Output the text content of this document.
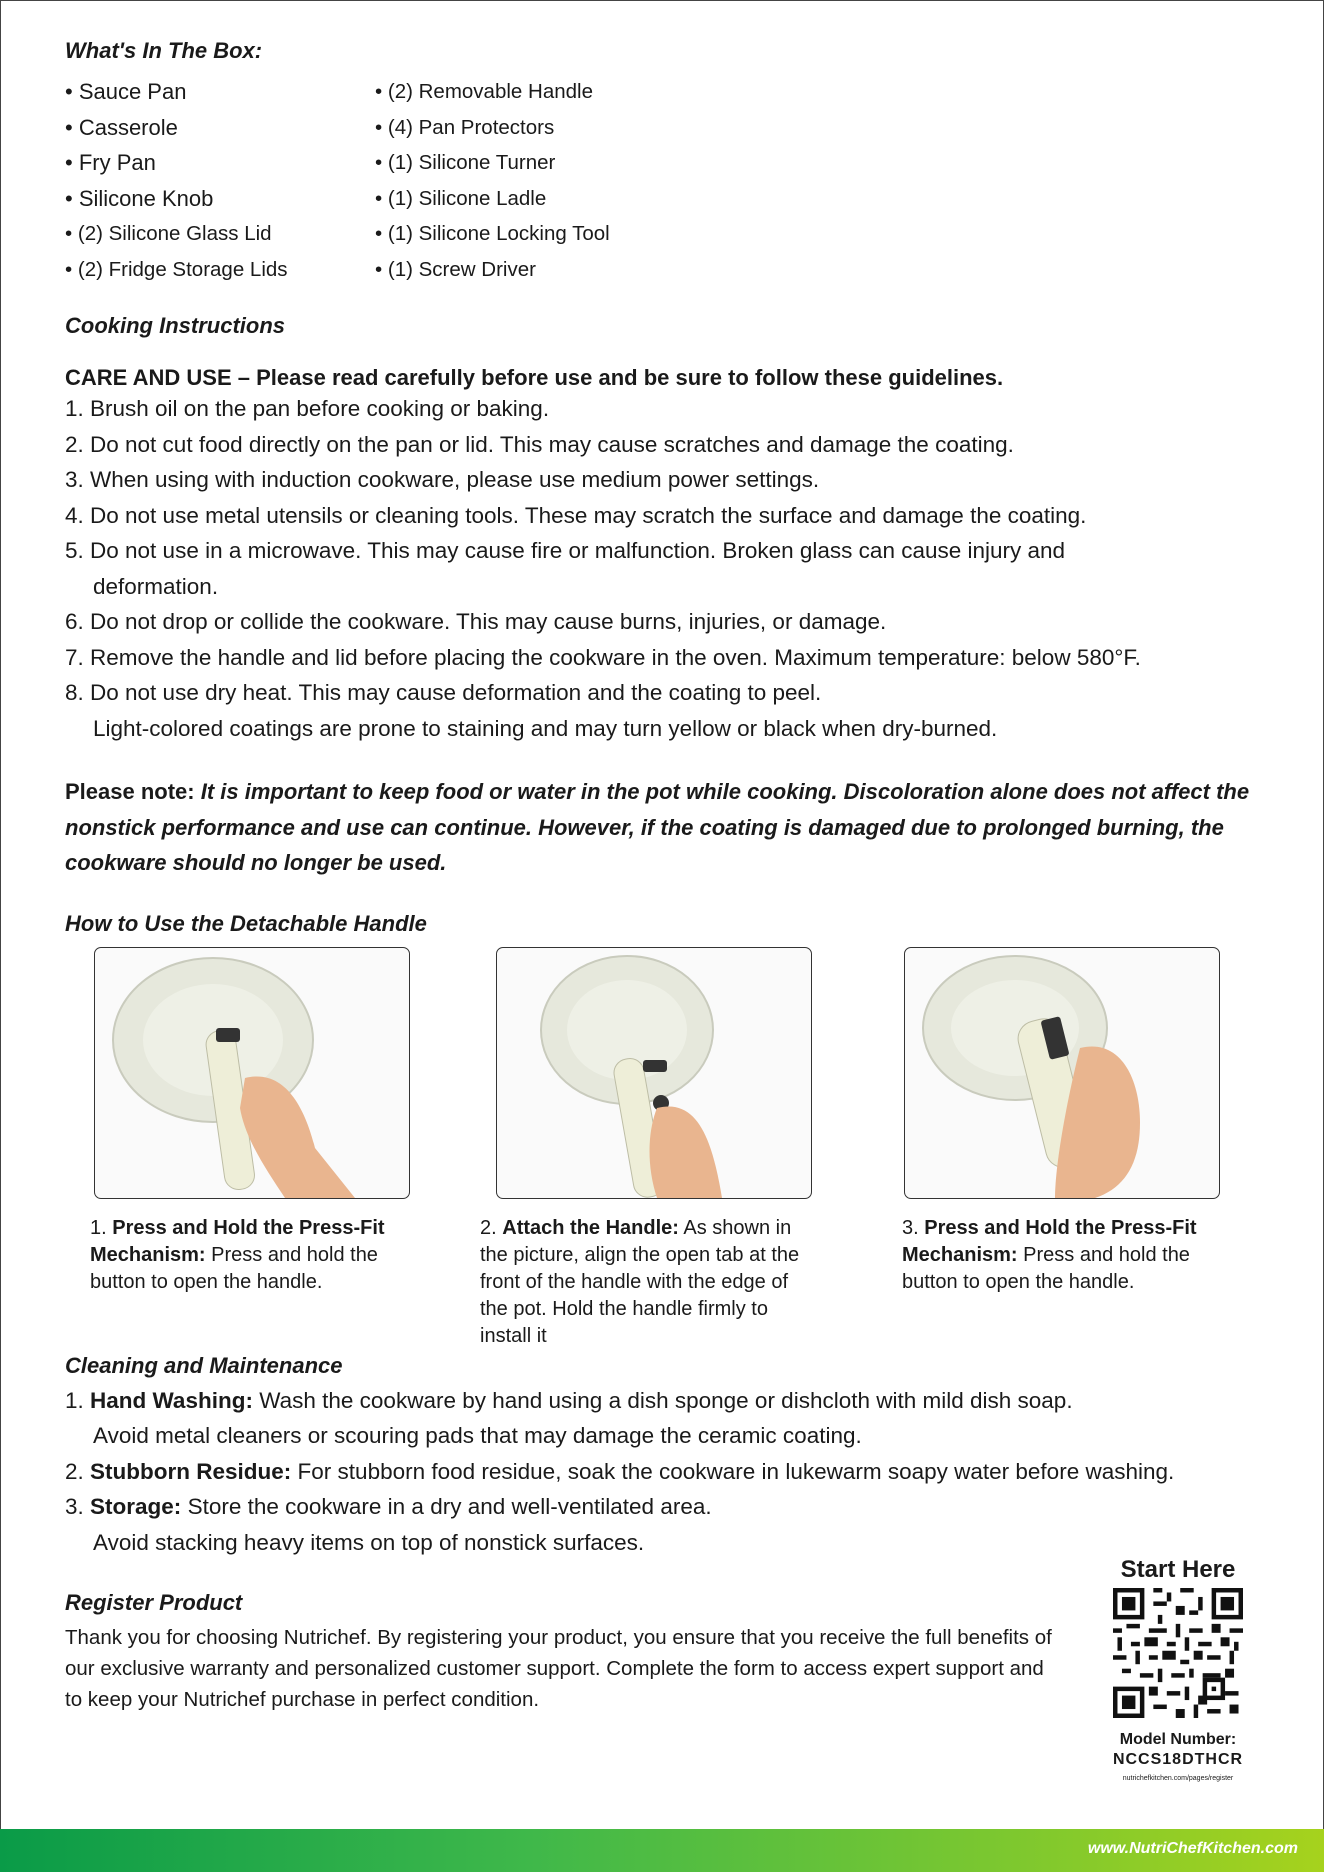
What's In The Box:
• Sauce Pan
• Casserole
• Fry Pan
• Silicone Knob
• (2) Silicone Glass Lid
• (2) Fridge Storage Lids
• (2) Removable Handle
• (4) Pan Protectors
• (1) Silicone Turner
• (1) Silicone Ladle
• (1) Silicone Locking Tool
• (1) Screw Driver
Cooking Instructions
CARE AND USE – Please read carefully before use and be sure to follow these guidelines.
1. Brush oil on the pan before cooking or baking.
2. Do not cut food directly on the pan or lid. This may cause scratches and damage the coating.
3. When using with induction cookware, please use medium power settings.
4. Do not use metal utensils or cleaning tools. These may scratch the surface and damage the coating.
5. Do not use in a microwave. This may cause fire or malfunction. Broken glass can cause injury and
deformation.
6. Do not drop or collide the cookware. This may cause burns, injuries, or damage.
7. Remove the handle and lid before placing the cookware in the oven. Maximum temperature: below 580°F.
8. Do not use dry heat. This may cause deformation and the coating to peel.
Light-colored coatings are prone to staining and may turn yellow or black when dry-burned.
Please note: It is important to keep food or water in the pot while cooking. Discoloration alone does not affect the nonstick performance and use can continue. However, if the coating is damaged due to prolonged burning, the cookware should no longer be used.
How to Use the Detachable Handle
1. Press and Hold the Press-Fit Mechanism: Press and hold the button to open the handle.
2. Attach the Handle: As shown in the picture, align the open tab at the front of the handle with the edge of the pot. Hold the handle firmly to install it
3. Press and Hold the Press-Fit Mechanism: Press and hold the button to open the handle.
Cleaning and Maintenance
1. Hand Washing: Wash the cookware by hand using a dish sponge or dishcloth with mild dish soap.
Avoid metal cleaners or scouring pads that may damage the ceramic coating.
2. Stubborn Residue: For stubborn food residue, soak the cookware in lukewarm soapy water before washing.
3. Storage: Store the cookware in a dry and well-ventilated area.
Avoid stacking heavy items on top of nonstick surfaces.
Register Product
Thank you for choosing Nutrichef. By registering your product, you ensure that you receive the full benefits of our exclusive warranty and personalized customer support. Complete the form to access expert support and to keep your Nutrichef purchase in perfect condition.
Start Here
Model Number:
NCCS18DTHCR
nutrichefkitchen.com/pages/register
www.NutriChefKitchen.com
